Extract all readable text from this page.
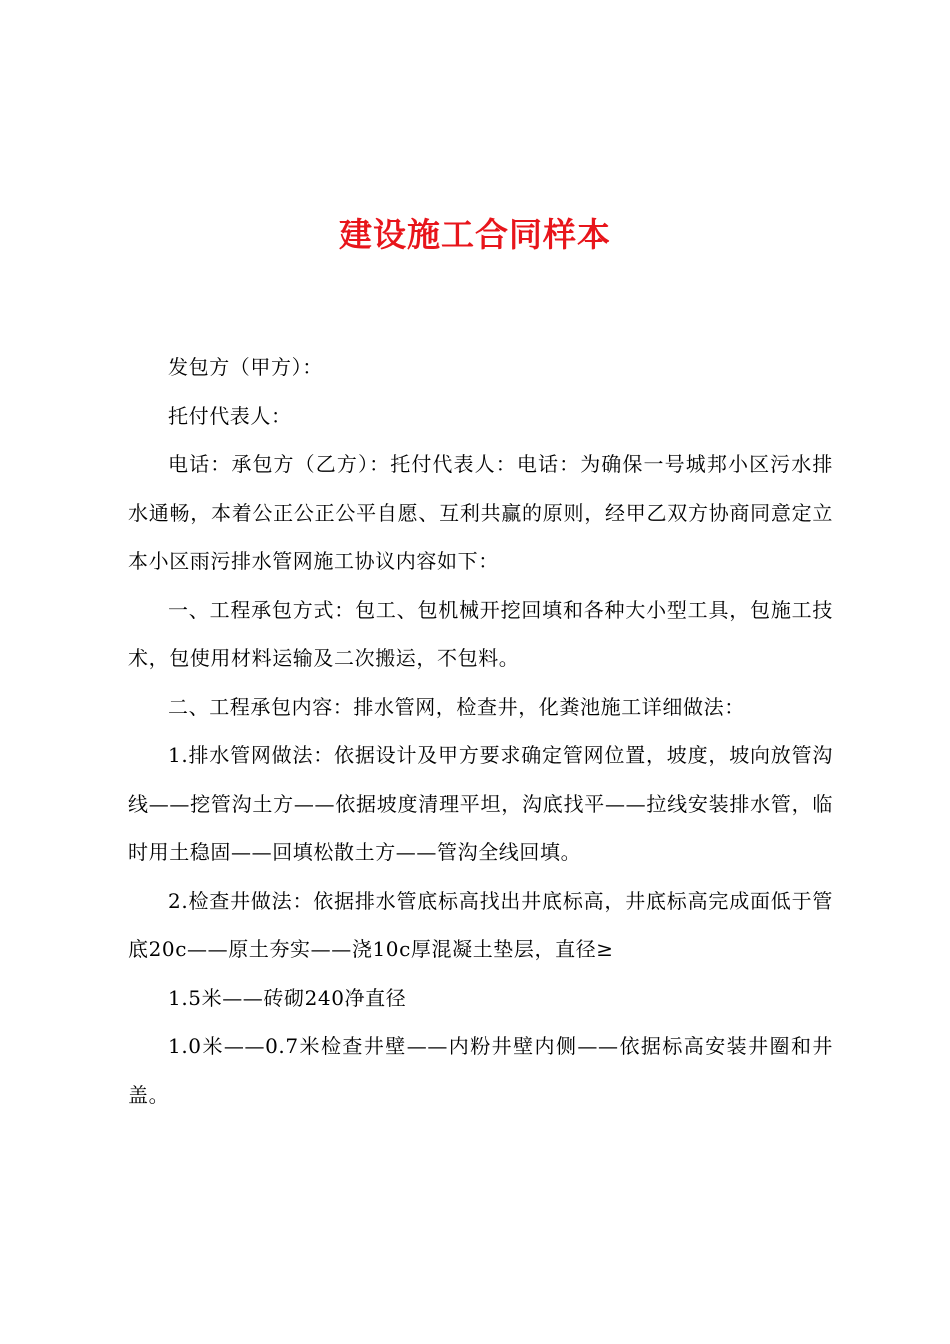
建设施工合同样本

发包方（甲方）：

托付代表人：

电话：承包方（乙方）：托付代表人：电话：为确保一号城邦小区污水排水通畅，本着公正公正公平自愿、互利共赢的原则，经甲乙双方协商同意定立本小区雨污排水管网施工协议内容如下：

一、工程承包方式：包工、包机械开挖回填和各种大小型工具，包施工技术，包使用材料运输及二次搬运，不包料。

二、工程承包内容：排水管网，检查井，化粪池施工详细做法：

1.排水管网做法：依据设计及甲方要求确定管网位置，坡度，坡向放管沟线——挖管沟土方——依据坡度清理平坦，沟底找平——拉线安装排水管，临时用土稳固——回填松散土方——管沟全线回填。

2.检查井做法：依据排水管底标高找出井底标高，井底标高完成面低于管底20c——原土夯实——浇10c厚混凝土垫层，直径≥

1.5米——砖砌240净直径

1.0米——0.7米检查井壁——内粉井壁内侧——依据标高安装井圈和井盖。
